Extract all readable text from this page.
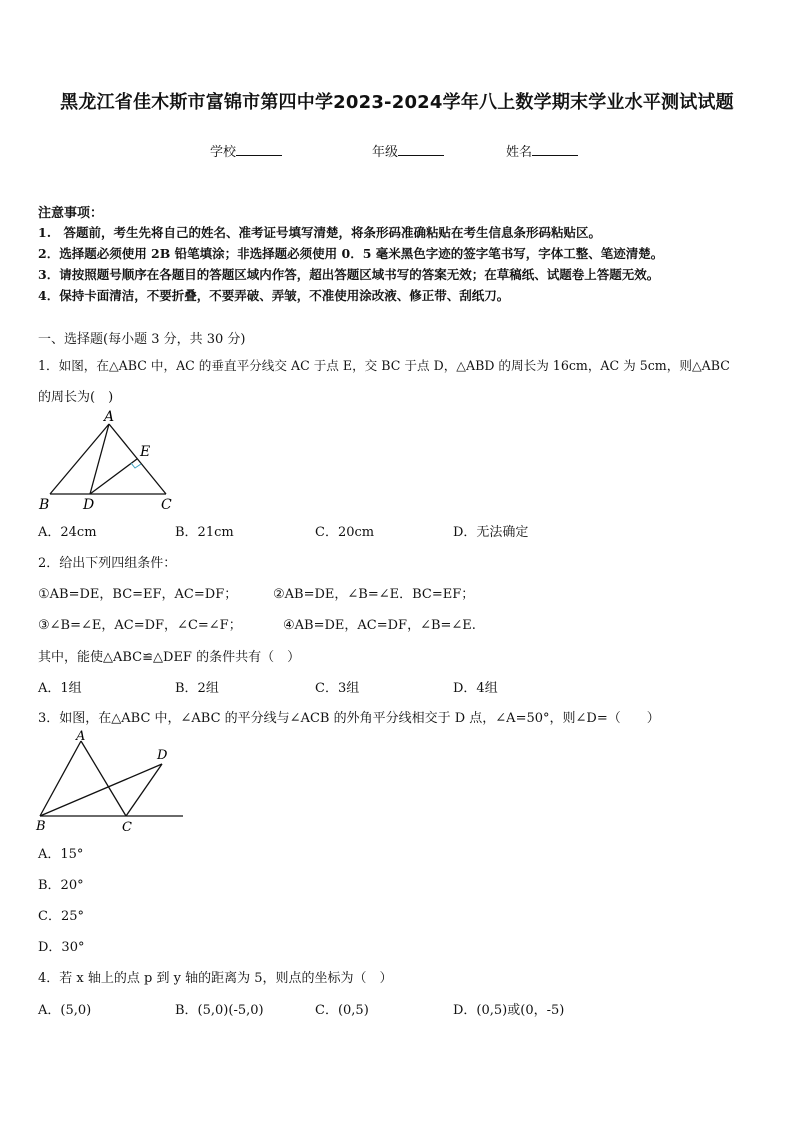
黑龙江省佳木斯市富锦市第四中学2023-2024学年八上数学期末学业水平测试试题
学校	年级	姓名
注意事项：
1.　答题前，考生先将自己的姓名、准考证号填写清楚，将条形码准确粘贴在考生信息条形码粘贴区。
2．选择题必须使用 2B 铅笔填涂；非选择题必须使用 0．5 毫米黑色字迹的签字笔书写，字体工整、笔迹清楚。
3．请按照题号顺序在各题目的答题区域内作答，超出答题区域书写的答案无效；在草稿纸、试题卷上答题无效。
4．保持卡面清洁，不要折叠，不要弄破、弄皱，不准使用涂改液、修正带、刮纸刀。
一、选择题(每小题 3 分，共 30 分)
1．如图，在△ABC 中，AC 的垂直平分线交 AC 于点 E，交 BC 于点 D，△ABD 的周长为 16cm，AC 为 5cm，则△ABC
的周长为(　)
A
E
B D	C
A．24cm	B．21cm	C．20cm	D．无法确定
2．给出下列四组条件：
①AB=DE，BC=EF，AC=DF；	②AB=DE，∠B=∠E．BC=EF；
③∠B=∠E，AC=DF，∠C=∠F；	④AB=DE，AC=DF，∠B=∠E.
其中，能使△ABC≌△DEF 的条件共有（　）
A．1组	B．2组	C．3组	D．4组
3．如图，在△ABC 中，∠ABC 的平分线与∠ACB 的外角平分线相交于 D 点，∠A=50°，则∠D=（　　）
A
D
B	C
A．15°
B．20°
C．25°
D．30°
4．若 x 轴上的点 p 到 y 轴的距离为 5，则点的坐标为（　）
A．(5,0)	B．(5,0)(-5,0)	C．(0,5)	D．(0,5)或(0，-5)
